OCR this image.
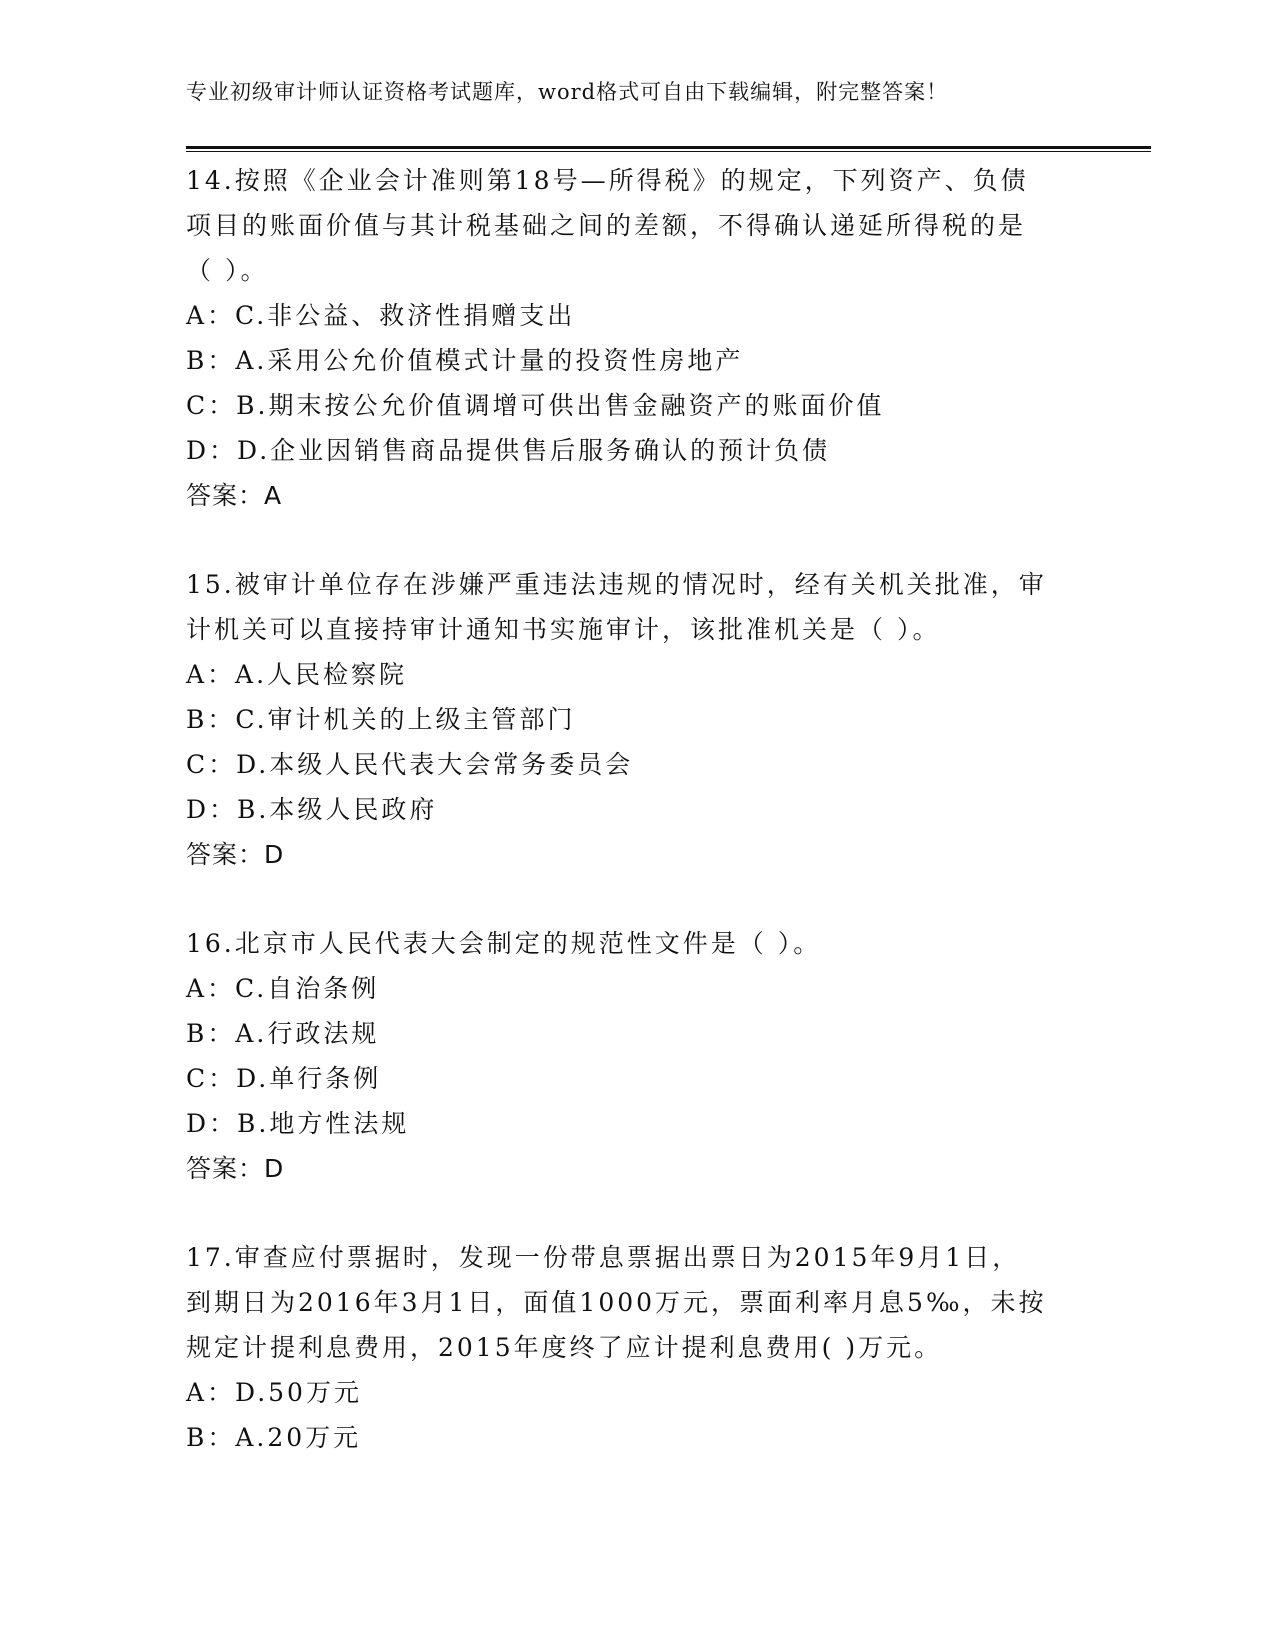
专业初级审计师认证资格考试题库，word格式可自由下载编辑，附完整答案！
14.按照《企业会计准则第18号—所得税》的规定，下列资产、负债
项目的账面价值与其计税基础之间的差额，不得确认递延所得税的是
（ ）。
A：C.非公益、救济性捐赠支出
B：A.采用公允价值模式计量的投资性房地产
C：B.期末按公允价值调增可供出售金融资产的账面价值
D：D.企业因销售商品提供售后服务确认的预计负债
答案：A
15.被审计单位存在涉嫌严重违法违规的情况时，经有关机关批准，审
计机关可以直接持审计通知书实施审计，该批准机关是（ ）。
A：A.人民检察院
B：C.审计机关的上级主管部门
C：D.本级人民代表大会常务委员会
D：B.本级人民政府
答案：D
16.北京市人民代表大会制定的规范性文件是（ ）。
A：C.自治条例
B：A.行政法规
C：D.单行条例
D：B.地方性法规
答案：D
17.审查应付票据时，发现一份带息票据出票日为2015年9月1日，
到期日为2016年3月1日，面值1000万元，票面利率月息5‰，未按
规定计提利息费用，2015年度终了应计提利息费用( )万元。
A：D.50万元
B：A.20万元
